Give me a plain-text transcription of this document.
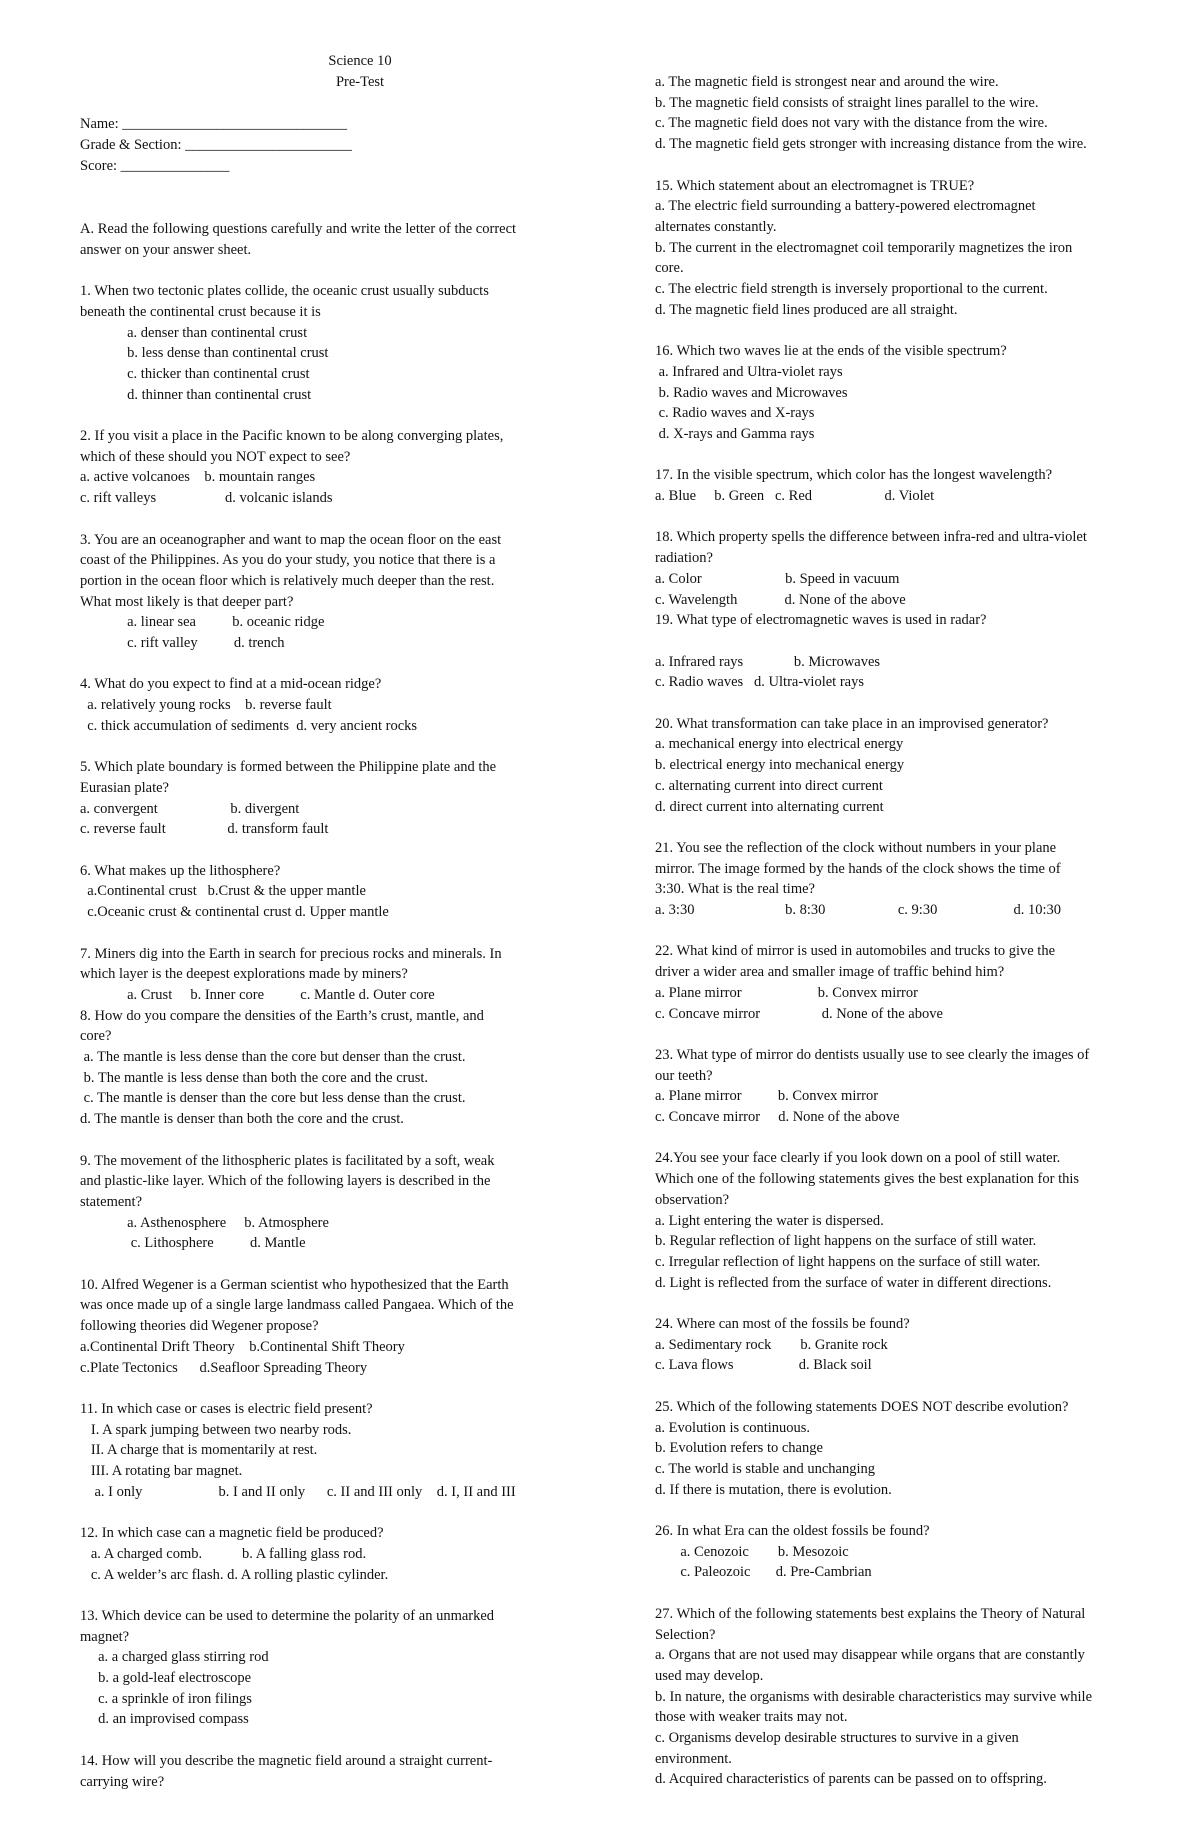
Science 10
Pre-Test
Name: _______________________________
Grade & Section: _______________________
Score: _______________
A. Read the following questions carefully and write the letter of the correct
answer on your answer sheet.
1. When two tectonic plates collide, the oceanic crust usually subducts
beneath the continental crust because it is
a. denser than continental crust
b. less dense than continental crust
c. thicker than continental crust
d. thinner than continental crust
2. If you visit a place in the Pacific known to be along converging plates,
which of these should you NOT expect to see?
a. active volcanoes    b. mountain ranges
c. rift valleys                   d. volcanic islands
3. You are an oceanographer and want to map the ocean floor on the east
coast of the Philippines. As you do your study, you notice that there is a
portion in the ocean floor which is relatively much deeper than the rest.
What most likely is that deeper part?
a. linear sea          b. oceanic ridge
c. rift valley          d. trench
4. What do you expect to find at a mid-ocean ridge?
a. relatively young rocks    b. reverse fault
c. thick accumulation of sediments  d. very ancient rocks
5. Which plate boundary is formed between the Philippine plate and the
Eurasian plate?
a. convergent                    b. divergent
c. reverse fault                 d. transform fault
6. What makes up the lithosphere?
a.Continental crust   b.Crust & the upper mantle
c.Oceanic crust & continental crust d. Upper mantle
7. Miners dig into the Earth in search for precious rocks and minerals. In
which layer is the deepest explorations made by miners?
a. Crust     b. Inner core          c. Mantle d. Outer core
8. How do you compare the densities of the Earth’s crust, mantle, and
core?
a. The mantle is less dense than the core but denser than the crust.
b. The mantle is less dense than both the core and the crust.
c. The mantle is denser than the core but less dense than the crust.
d. The mantle is denser than both the core and the crust.
9. The movement of the lithospheric plates is facilitated by a soft, weak
and plastic-like layer. Which of the following layers is described in the
statement?
a. Asthenosphere     b. Atmosphere
c. Lithosphere          d. Mantle
10. Alfred Wegener is a German scientist who hypothesized that the Earth
was once made up of a single large landmass called Pangaea. Which of the
following theories did Wegener propose?
a.Continental Drift Theory    b.Continental Shift Theory
c.Plate Tectonics      d.Seafloor Spreading Theory
11. In which case or cases is electric field present?
I. A spark jumping between two nearby rods.
II. A charge that is momentarily at rest.
III. A rotating bar magnet.
a. I only                     b. I and II only      c. II and III only    d. I, II and III
12. In which case can a magnetic field be produced?
a. A charged comb.           b. A falling glass rod.
c. A welder’s arc flash. d. A rolling plastic cylinder.
13. Which device can be used to determine the polarity of an unmarked
magnet?
a. a charged glass stirring rod
b. a gold-leaf electroscope
c. a sprinkle of iron filings
d. an improvised compass
14. How will you describe the magnetic field around a straight current-
carrying wire?
a. The magnetic field is strongest near and around the wire.
b. The magnetic field consists of straight lines parallel to the wire.
c. The magnetic field does not vary with the distance from the wire.
d. The magnetic field gets stronger with increasing distance from the wire.
15. Which statement about an electromagnet is TRUE?
a. The electric field surrounding a battery-powered electromagnet
alternates constantly.
b. The current in the electromagnet coil temporarily magnetizes the iron
core.
c. The electric field strength is inversely proportional to the current.
d. The magnetic field lines produced are all straight.
16. Which two waves lie at the ends of the visible spectrum?
a. Infrared and Ultra-violet rays
b. Radio waves and Microwaves
c. Radio waves and X-rays
d. X-rays and Gamma rays
17. In the visible spectrum, which color has the longest wavelength?
a. Blue     b. Green   c. Red                    d. Violet
18. Which property spells the difference between infra-red and ultra-violet
radiation?
a. Color                       b. Speed in vacuum
c. Wavelength             d. None of the above
19. What type of electromagnetic waves is used in radar?
a. Infrared rays              b. Microwaves
c. Radio waves   d. Ultra-violet rays
20. What transformation can take place in an improvised generator?
a. mechanical energy into electrical energy
b. electrical energy into mechanical energy
c. alternating current into direct current
d. direct current into alternating current
21. You see the reflection of the clock without numbers in your plane
mirror. The image formed by the hands of the clock shows the time of
3:30. What is the real time?
a. 3:30                         b. 8:30                    c. 9:30                     d. 10:30
22. What kind of mirror is used in automobiles and trucks to give the
driver a wider area and smaller image of traffic behind him?
a. Plane mirror                     b. Convex mirror
c. Concave mirror                 d. None of the above
23. What type of mirror do dentists usually use to see clearly the images of
our teeth?
a. Plane mirror          b. Convex mirror
c. Concave mirror     d. None of the above
24.You see your face clearly if you look down on a pool of still water.
Which one of the following statements gives the best explanation for this
observation?
a. Light entering the water is dispersed.
b. Regular reflection of light happens on the surface of still water.
c. Irregular reflection of light happens on the surface of still water.
d. Light is reflected from the surface of water in different directions.
24. Where can most of the fossils be found?
a. Sedimentary rock        b. Granite rock
c. Lava flows                  d. Black soil
25. Which of the following statements DOES NOT describe evolution?
a. Evolution is continuous.
b. Evolution refers to change
c. The world is stable and unchanging
d. If there is mutation, there is evolution.
26. In what Era can the oldest fossils be found?
a. Cenozoic        b. Mesozoic
c. Paleozoic       d. Pre-Cambrian
27. Which of the following statements best explains the Theory of Natural
Selection?
a. Organs that are not used may disappear while organs that are constantly
used may develop.
b. In nature, the organisms with desirable characteristics may survive while
those with weaker traits may not.
c. Organisms develop desirable structures to survive in a given
environment.
d. Acquired characteristics of parents can be passed on to offspring.
